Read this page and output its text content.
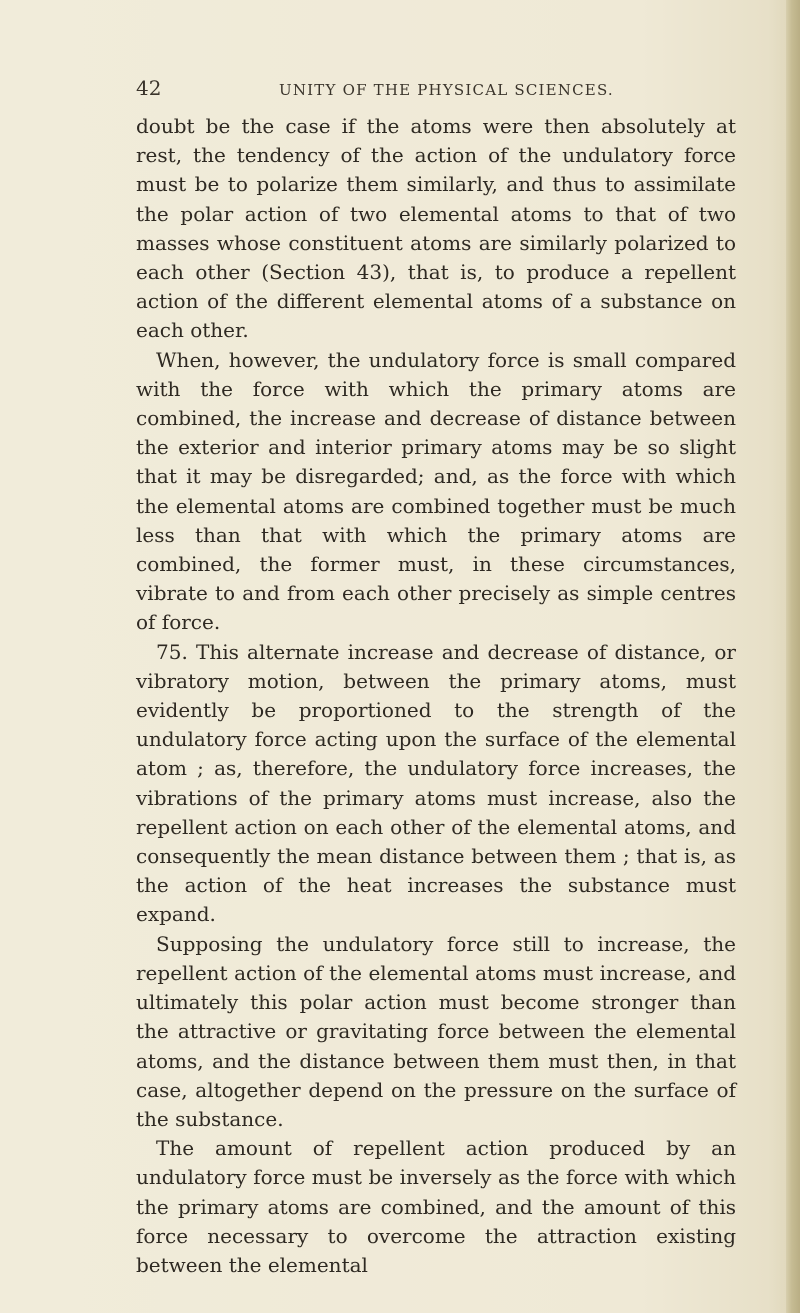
42	UNITY OF THE PHYSICAL SCIENCES.

doubt be the case if the atoms were then absolutely at rest, the tendency of the action of the undulatory force must be to polarize them similarly, and thus to assimilate the polar action of two elemental atoms to that of two masses whose constituent atoms are similarly polarized to each other (Section 43), that is, to produce a repellent action of the different elemental atoms of a substance on each other.

When, however, the undulatory force is small compared with the force with which the primary atoms are combined, the increase and decrease of distance between the exterior and interior primary atoms may be so slight that it may be disregarded; and, as the force with which the elemental atoms are combined together must be much less than that with which the primary atoms are combined, the former must, in these circumstances, vibrate to and from each other precisely as simple centres of force.

75. This alternate increase and decrease of distance, or vibratory motion, between the primary atoms, must evidently be proportioned to the strength of the undulatory force acting upon the surface of the elemental atom ; as, therefore, the undulatory force increases, the vibrations of the primary atoms must increase, also the repellent action on each other of the elemental atoms, and consequently the mean distance between them ; that is, as the action of the heat increases the substance must expand.

Supposing the undulatory force still to increase, the repellent action of the elemental atoms must increase, and ultimately this polar action must become stronger than the attractive or gravitating force between the elemental atoms, and the distance between them must then, in that case, altogether depend on the pressure on the surface of the substance.

The amount of repellent action produced by an undulatory force must be inversely as the force with which the primary atoms are combined, and the amount of this force necessary to overcome the attraction existing between the elemental
